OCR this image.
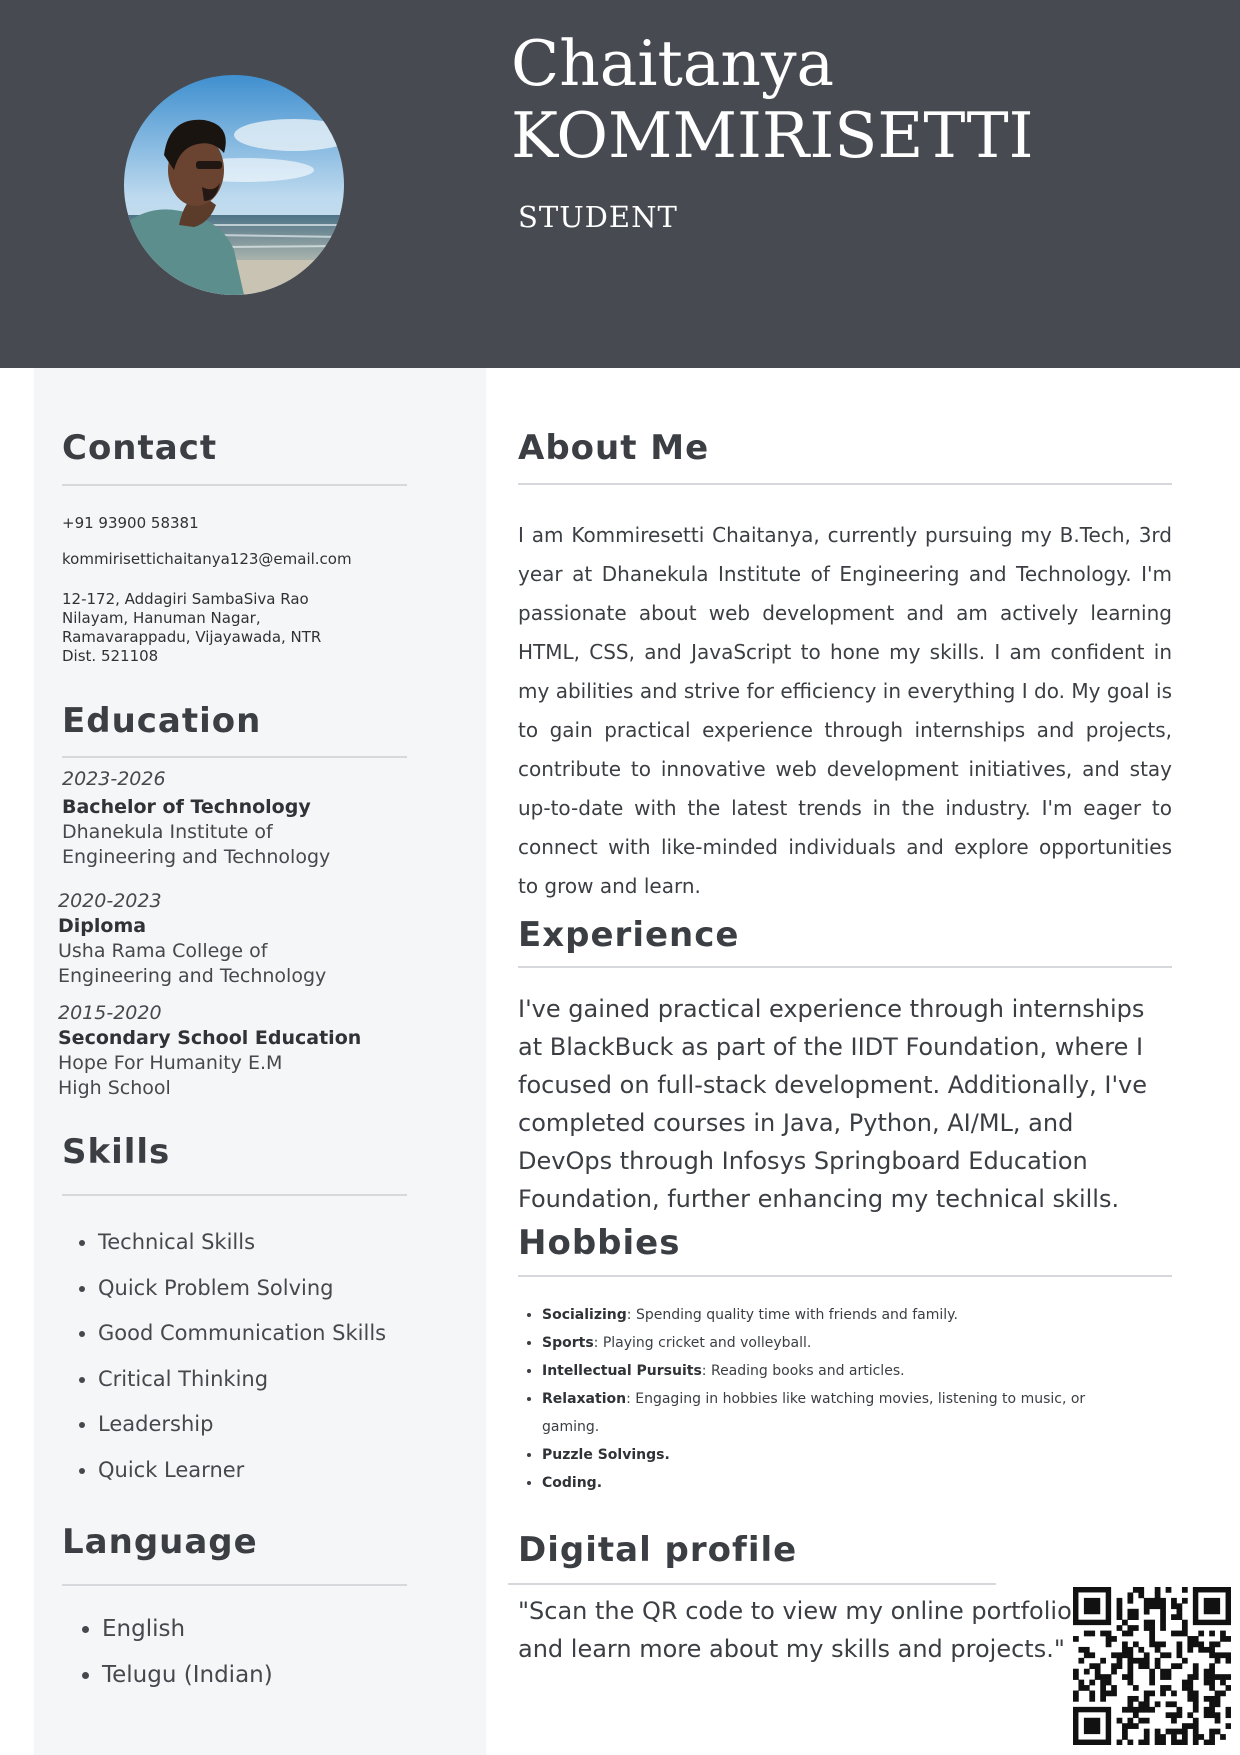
Chaitanya
KOMMIRISETTI
STUDENT
Contact
+91 93900 58381
kommirisettichaitanya123@email.com
12-172, Addagiri SambaSiva Rao
Nilayam, Hanuman Nagar,
Ramavarappadu, Vijayawada, NTR
Dist. 521108
Education
2023-2026
Bachelor of Technology
Dhanekula Institute of
Engineering and Technology
2020-2023
Diploma
Usha Rama College of
Engineering and Technology
2015-2020
Secondary School Education
Hope For Humanity E.M
High School
Skills
• Technical Skills
• Quick Problem Solving
• Good Communication Skills
• Critical Thinking
• Leadership
• Quick Learner
Language
• English
• Telugu (Indian)
About Me
I am Kommiresetti Chaitanya, currently pursuing my B.Tech, 3rd year at Dhanekula Institute of Engineering and Technology. I'm passionate about web development and am actively learning HTML, CSS, and JavaScript to hone my skills. I am confident in my abilities and strive for efficiency in everything I do. My goal is to gain practical experience through internships and projects, contribute to innovative web development initiatives, and stay up-to-date with the latest trends in the industry. I'm eager to connect with like-minded individuals and explore opportunities to grow and learn.
Experience
I've gained practical experience through internships at BlackBuck as part of the IIDT Foundation, where I focused on full-stack development. Additionally, I've completed courses in Java, Python, AI/ML, and DevOps through Infosys Springboard Education Foundation, further enhancing my technical skills.
Hobbies
• Socializing: Spending quality time with friends and family.
• Sports: Playing cricket and volleyball.
• Intellectual Pursuits: Reading books and articles.
• Relaxation: Engaging in hobbies like watching movies, listening to music, or gaming.
• Puzzle Solvings.
• Coding.
Digital profile
"Scan the QR code to view my online portfolio and learn more about my skills and projects."
